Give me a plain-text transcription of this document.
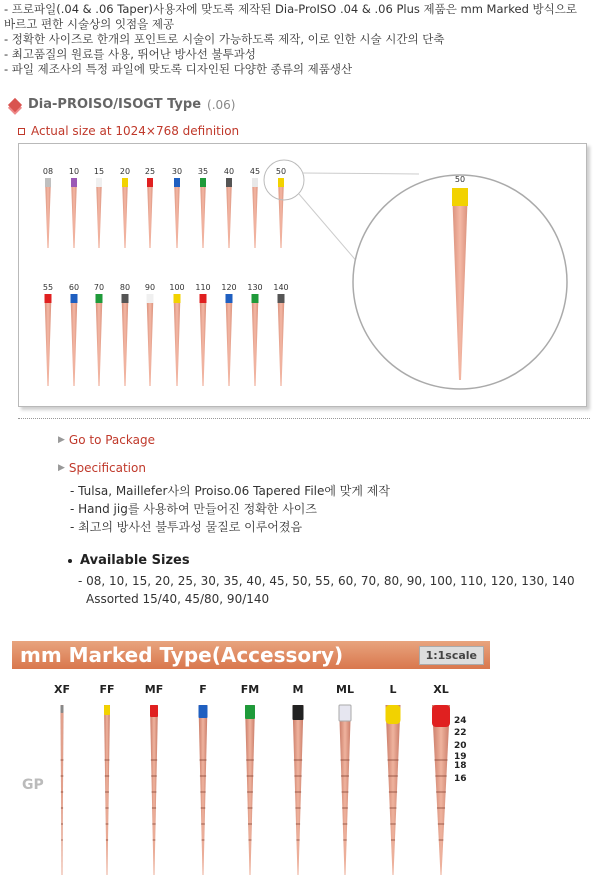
- 프로파일(.04 & .06 Taper)사용자에 맞도록 제작된 Dia-ProISO .04 & .06 Plus 제품은 mm Marked 방식으로
바르고 편한 시술상의 잇점을 제공
- 정확한 사이즈로 한개의 포인트로 시술이 가능하도록 제작, 이로 인한 시술 시간의 단축
- 최고품질의 원료를 사용, 뛰어난 방사선 불투과성
- 파일 제조사의 특정 파일에 맞도록 디자인된 다양한 종류의 제품생산
Dia-PROISO/ISOGT Type (.06)
Actual size at 1024×768 definition
08 10 15 20 25 30 35 40 45 50
55 60 70 80 90 100 110 120 130 140
50
▶ Go to Package
▶ Specification
- Tulsa, Maillefer사의 Proiso.06 Tapered File에 맞게 제작
- Hand jig를 사용하여 만들어진 정확한 사이즈
- 최고의 방사선 불투과성 물질로 이루어졌음
Available Sizes
- 08, 10, 15, 20, 25, 30, 35, 40, 45, 50, 55, 60, 70, 80, 90, 100, 110, 120, 130, 140
Assorted 15/40, 45/80, 90/140
mm Marked Type(Accessory)	1:1scale
GP
XF	FF	MF	F	FM	M	ML	L	XL
24
22
20
19
18
16
